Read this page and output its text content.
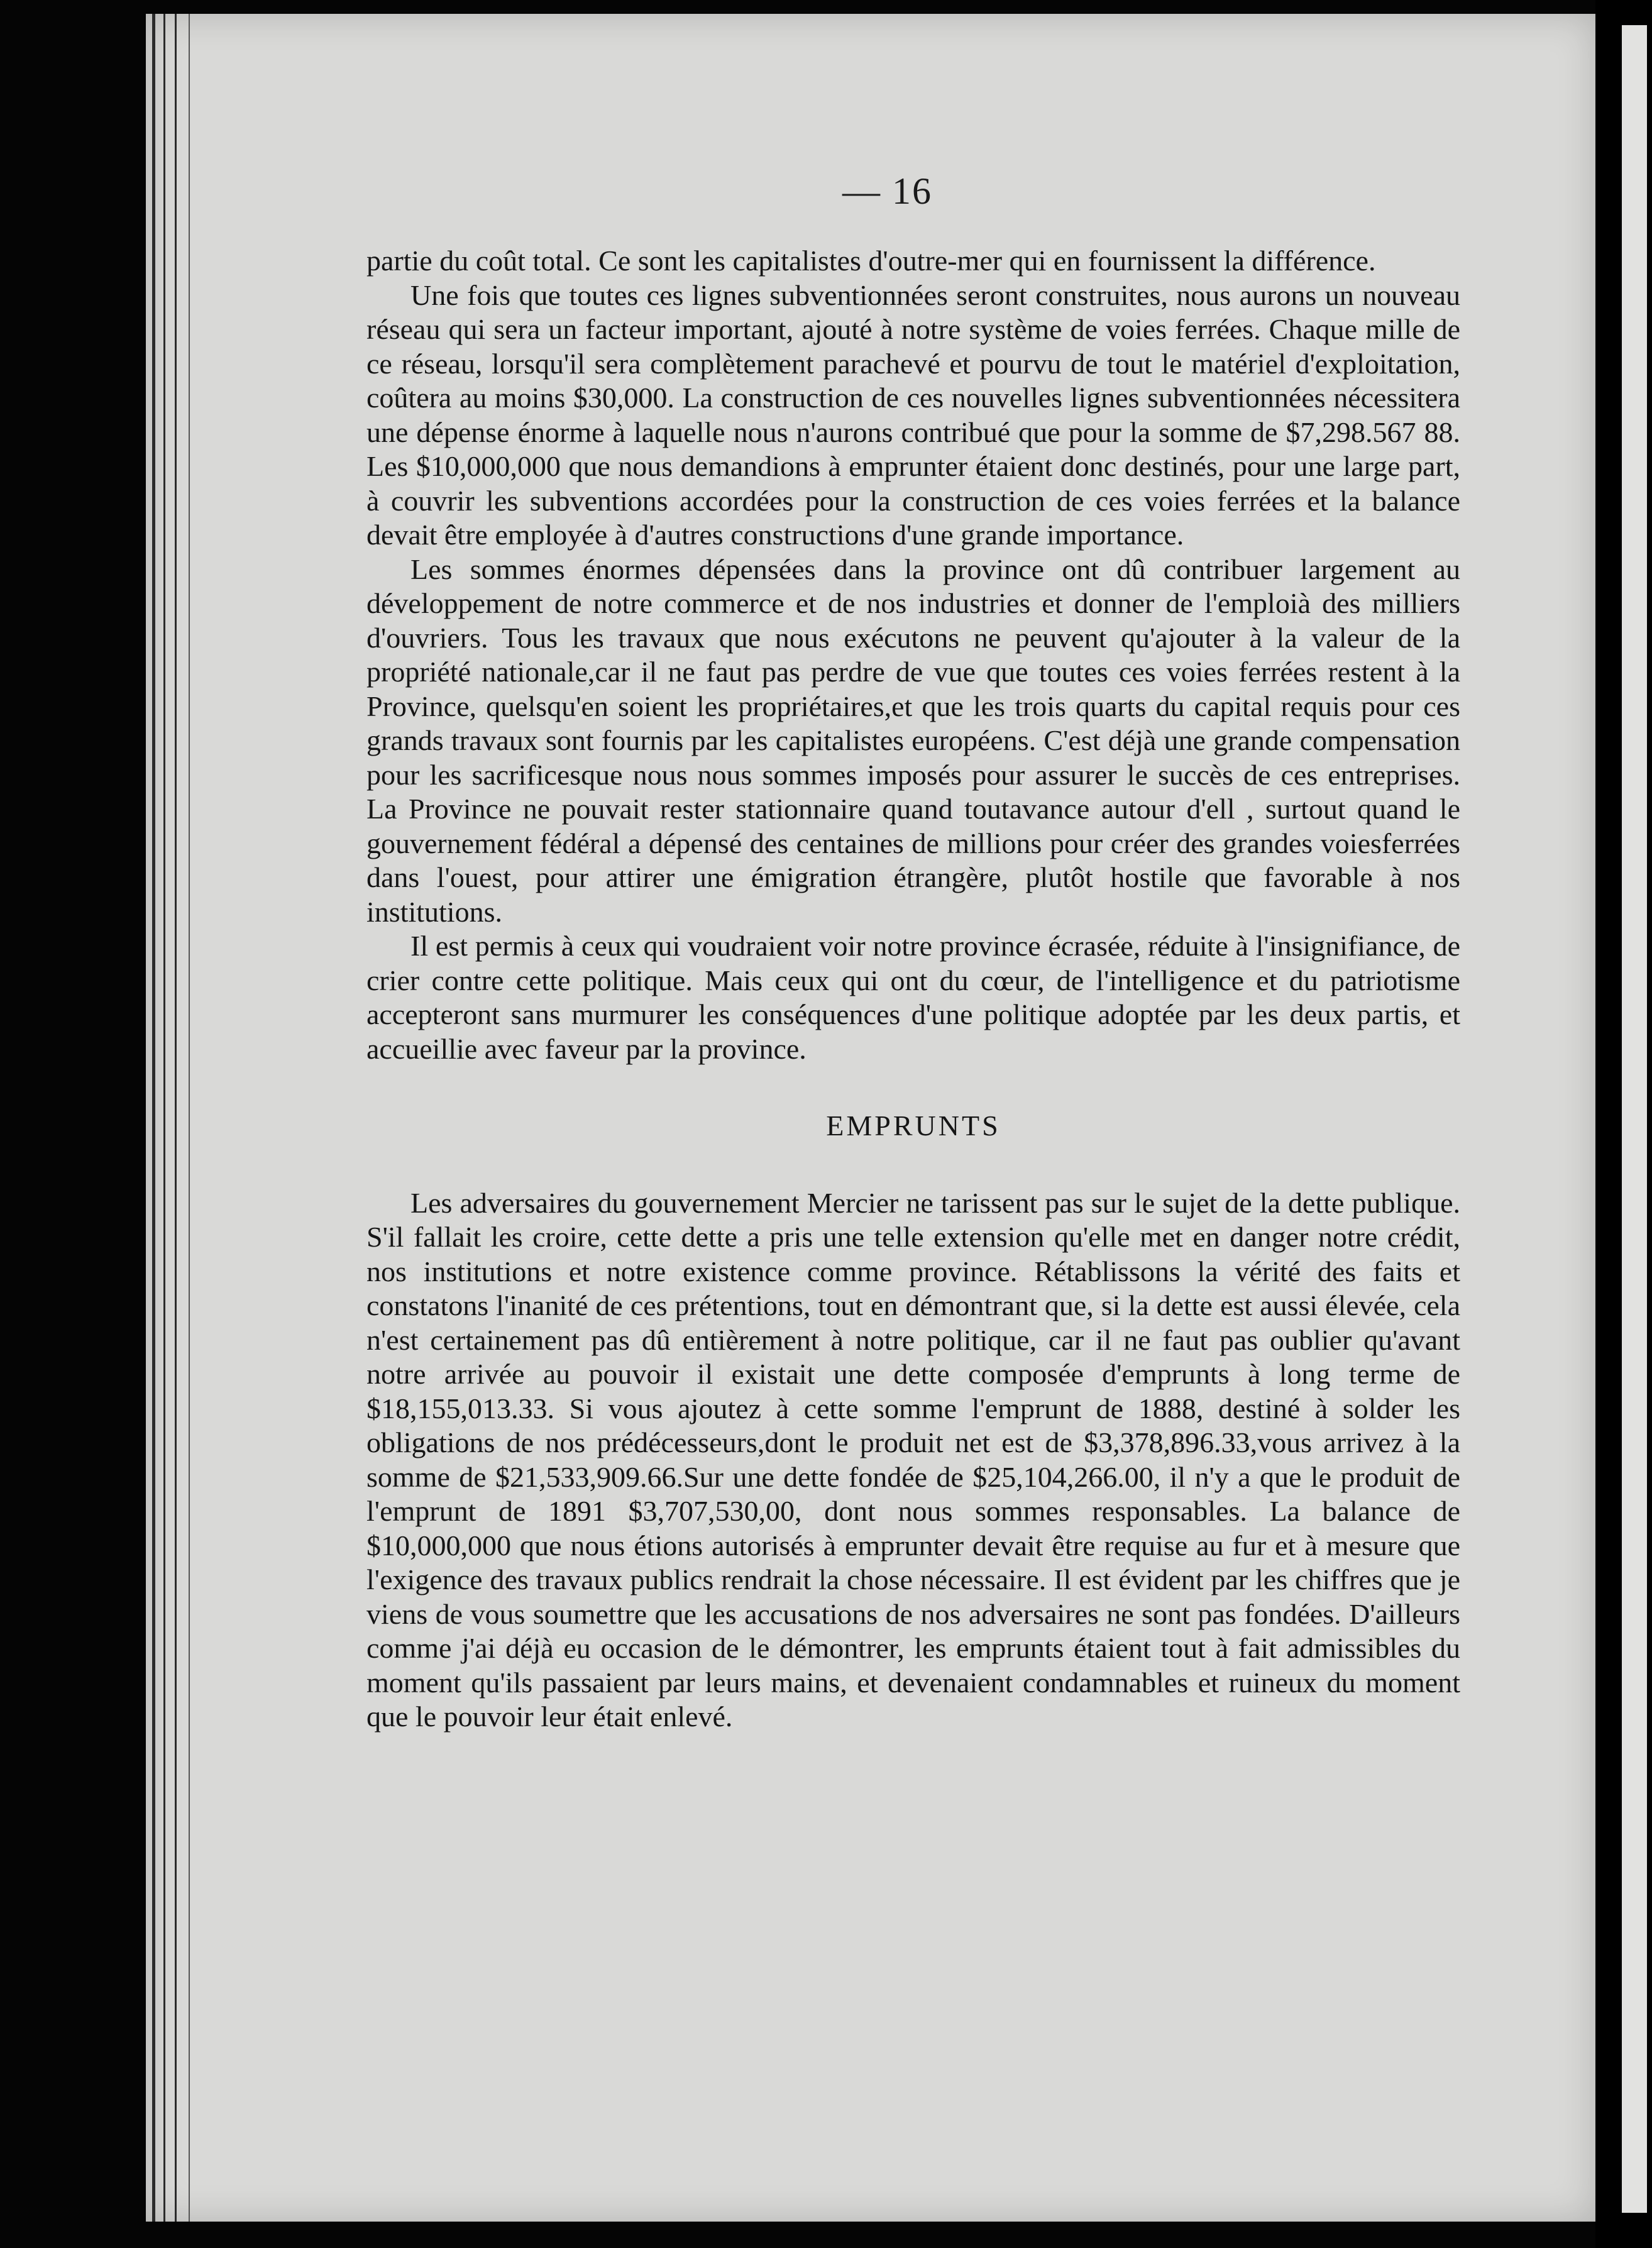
— 16

partie du coût total. Ce sont les capitalistes d'outre-mer qui en fournissent la différence.

Une fois que toutes ces lignes subventionnées seront construites, nous aurons un nouveau réseau qui sera un facteur important, ajouté à notre système de voies ferrées. Chaque mille de ce réseau, lorsqu'il sera complètement parachevé et pourvu de tout le matériel d'exploitation, coûtera au moins $30,000. La construction de ces nouvelles lignes subventionnées nécessitera une dépense énorme à laquelle nous n'aurons contribué que pour la somme de $7,298.567 88. Les $10,000,000 que nous demandions à emprunter étaient donc destinés, pour une large part, à couvrir les subventions accordées pour la construction de ces voies ferrées et la balance devait être employée à d'autres constructions d'une grande importance.

Les sommes énormes dépensées dans la province ont dû contribuer largement au développement de notre commerce et de nos industries et donner de l'emploià des milliers d'ouvriers. Tous les travaux que nous exécutons ne peuvent qu'ajouter à la valeur de la propriété nationale,car il ne faut pas perdre de vue que toutes ces voies ferrées restent à la Province, quelsqu'en soient les propriétaires,et que les trois quarts du capital requis pour ces grands travaux sont fournis par les capitalistes européens. C'est déjà une grande compensation pour les sacrificesque nous nous sommes imposés pour assurer le succès de ces entreprises. La Province ne pouvait rester stationnaire quand toutavance autour d'ell , surtout quand le gouvernement fédéral a dépensé des centaines de millions pour créer des grandes voiesferrées dans l'ouest, pour attirer une émigration étrangère, plutôt hostile que favorable à nos institutions.

Il est permis à ceux qui voudraient voir notre province écrasée, réduite à l'insignifiance, de crier contre cette politique. Mais ceux qui ont du cœur, de l'intelligence et du patriotisme accepteront sans murmurer les conséquences d'une politique adoptée par les deux partis, et accueillie avec faveur par la province.

EMPRUNTS

Les adversaires du gouvernement Mercier ne tarissent pas sur le sujet de la dette publique. S'il fallait les croire, cette dette a pris une telle extension qu'elle met en danger notre crédit, nos institutions et notre existence comme province. Rétablissons la vérité des faits et constatons l'inanité de ces prétentions, tout en démontrant que, si la dette est aussi élevée, cela n'est certainement pas dû entièrement à notre politique, car il ne faut pas oublier qu'avant notre arrivée au pouvoir il existait une dette composée d'emprunts à long terme de $18,155,013.33. Si vous ajoutez à cette somme l'emprunt de 1888, destiné à solder les obligations de nos prédécesseurs,dont le produit net est de $3,378,896.33,vous arrivez à la somme de $21,533,909.66.Sur une dette fondée de $25,104,266.00, il n'y a que le produit de l'emprunt de 1891 $3,707,530,00, dont nous sommes responsables. La balance de $10,000,000 que nous étions autorisés à emprunter devait être requise au fur et à mesure que l'exigence des travaux publics rendrait la chose nécessaire. Il est évident par les chiffres que je viens de vous soumettre que les accusations de nos adversaires ne sont pas fondées. D'ailleurs comme j'ai déjà eu occasion de le démontrer, les emprunts étaient tout à fait admissibles du moment qu'ils passaient par leurs mains, et devenaient condamnables et ruineux du moment que le pouvoir leur était enlevé.
